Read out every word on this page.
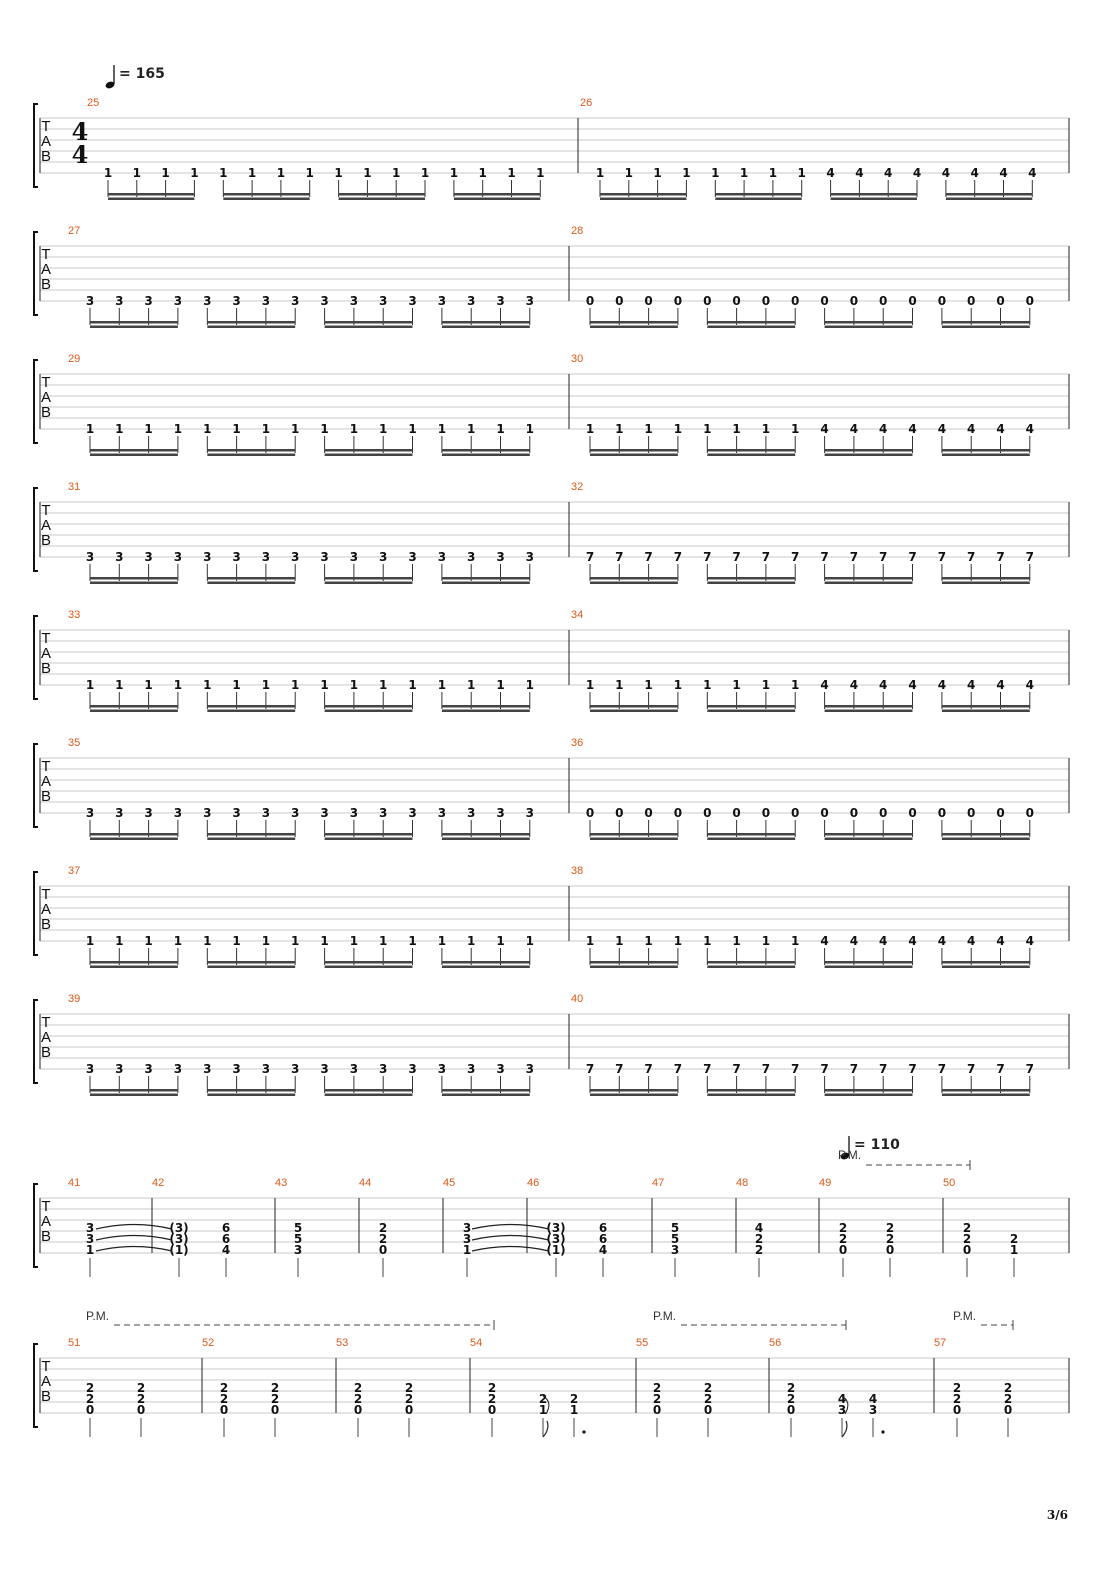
= 165
T
A
B
4
4
25
1 1 1 1 1 1 1 1 1 1 1 1 1 1 1 1
26
1 1 1 1 1 1 1 1 4 4 4 4 4 4 4 4
T
A
B
27
3 3 3 3 3 3 3 3 3 3 3 3 3 3 3 3
28
0 0 0 0 0 0 0 0 0 0 0 0 0 0 0 0
T
A
B
29
1 1 1 1 1 1 1 1 1 1 1 1 1 1 1 1
30
1 1 1 1 1 1 1 1 4 4 4 4 4 4 4 4
T
A
B
31
3 3 3 3 3 3 3 3 3 3 3 3 3 3 3 3
32
7 7 7 7 7 7 7 7 7 7 7 7 7 7 7 7
T
A
B
33
1 1 1 1 1 1 1 1 1 1 1 1 1 1 1 1
34
1 1 1 1 1 1 1 1 4 4 4 4 4 4 4 4
T
A
B
35
3 3 3 3 3 3 3 3 3 3 3 3 3 3 3 3
36
0 0 0 0 0 0 0 0 0 0 0 0 0 0 0 0
T
A
B
37
1 1 1 1 1 1 1 1 1 1 1 1 1 1 1 1
38
1 1 1 1 1 1 1 1 4 4 4 4 4 4 4 4
T
A
B
39
3 3 3 3 3 3 3 3 3 3 3 3 3 3 3 3
40
7 7 7 7 7 7 7 7 7 7 7 7 7 7 7 7
= 110
T
A
B
41
3
3
1
42
(3)
(3)
(1)
6
6
4
43
5
5
3
44
2
2
0
45
3
3
1
46
(3)
(3)
(1)
6
6
4
47
5
5
3
48
4
2
2
49
2
2
0
2
2
0
50
2
2
0
2
1
P.M.
T
A
B
51
2
2
0
2
2
0
52
2
2
0
2
2
0
53
2
2
0
2
2
0
54
2
2
0
2
1
2
1
55
2
2
0
2
2
0
56
2
2
0
4
3
4
3
57
2
2
0
2
2
0
P.M.	P.M.	P.M.
3/6
